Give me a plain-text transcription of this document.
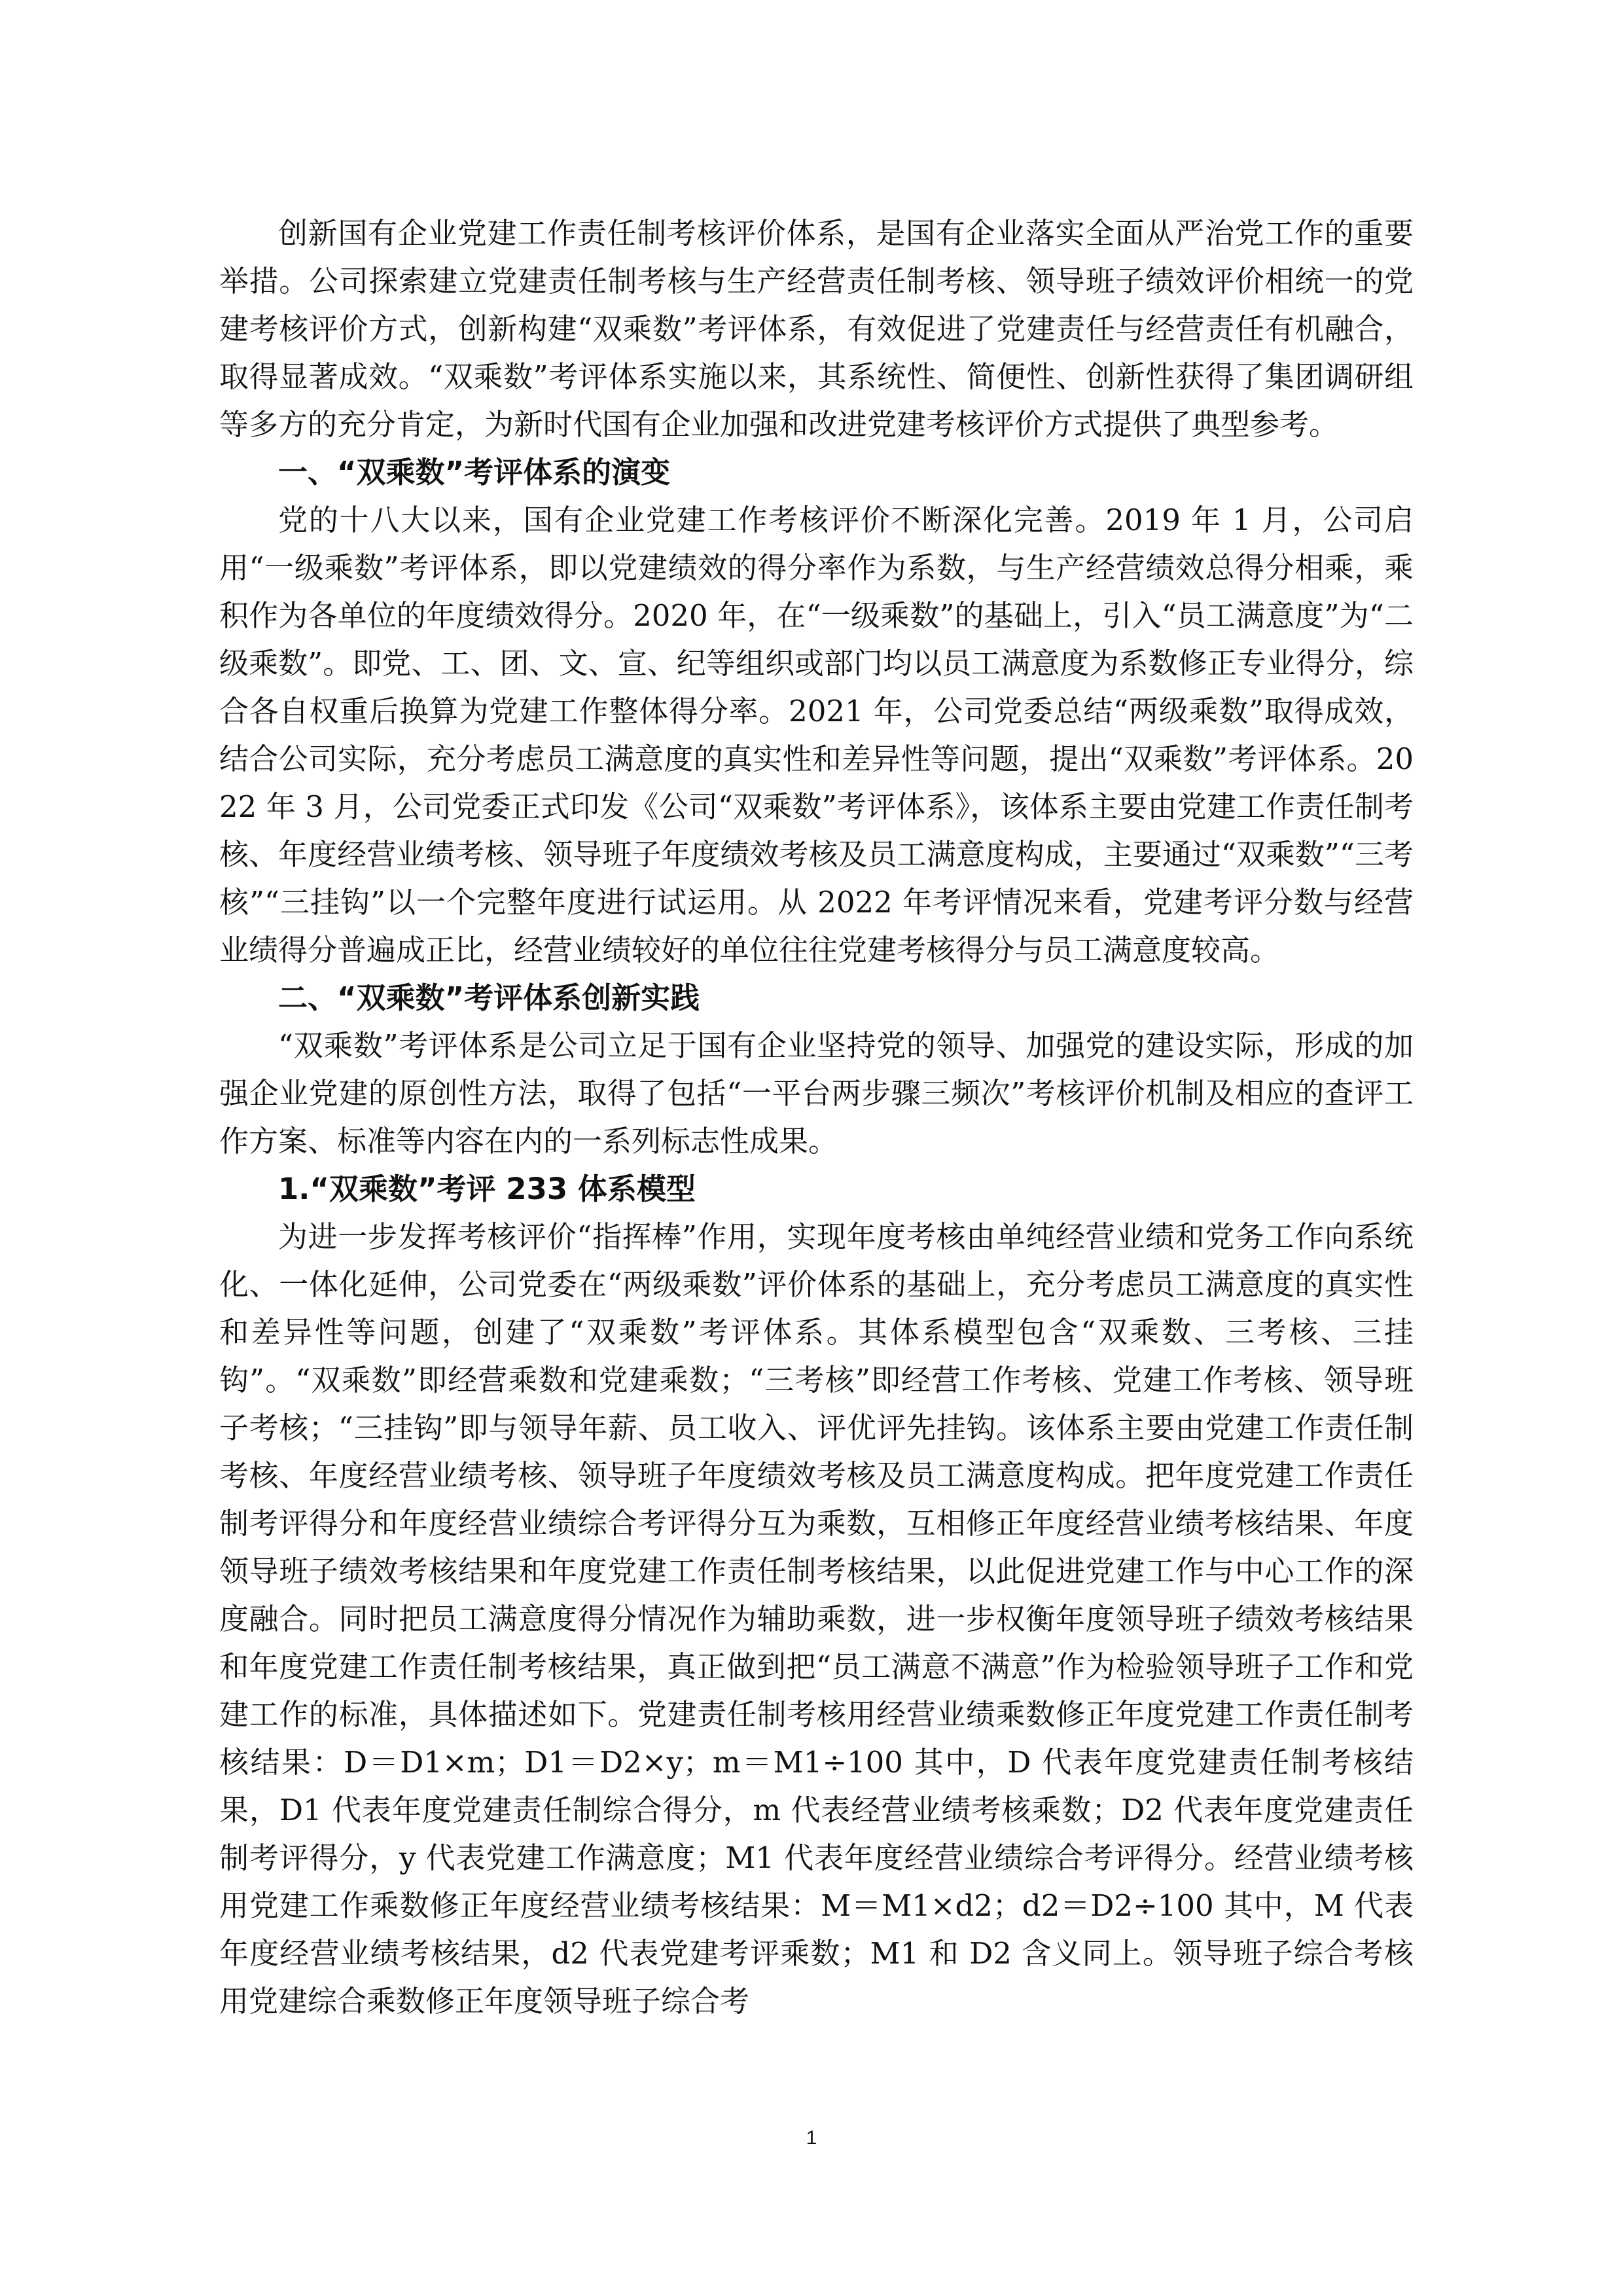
创新国有企业党建工作责任制考核评价体系，是国有企业落实全面从严治党工作的重要举措。公司探索建立党建责任制考核与生产经营责任制考核、领导班子绩效评价相统一的党建考核评价方式，创新构建“双乘数”考评体系，有效促进了党建责任与经营责任有机融合，取得显著成效。“双乘数”考评体系实施以来，其系统性、简便性、创新性获得了集团调研组等多方的充分肯定，为新时代国有企业加强和改进党建考核评价方式提供了典型参考。

一、“双乘数”考评体系的演变

党的十八大以来，国有企业党建工作考核评价不断深化完善。2019 年 1 月，公司启用“一级乘数”考评体系，即以党建绩效的得分率作为系数，与生产经营绩效总得分相乘，乘积作为各单位的年度绩效得分。2020 年，在“一级乘数”的基础上，引入“员工满意度”为“二级乘数”。即党、工、团、文、宣、纪等组织或部门均以员工满意度为系数修正专业得分，综合各自权重后换算为党建工作整体得分率。2021 年，公司党委总结“两级乘数”取得成效，结合公司实际，充分考虑员工满意度的真实性和差异性等问题，提出“双乘数”考评体系。2022 年 3 月，公司党委正式印发《公司“双乘数”考评体系》，该体系主要由党建工作责任制考核、年度经营业绩考核、领导班子年度绩效考核及员工满意度构成，主要通过“双乘数”“三考核”“三挂钩”以一个完整年度进行试运用。从 2022 年考评情况来看，党建考评分数与经营业绩得分普遍成正比，经营业绩较好的单位往往党建考核得分与员工满意度较高。

二、“双乘数”考评体系创新实践

“双乘数”考评体系是公司立足于国有企业坚持党的领导、加强党的建设实际，形成的加强企业党建的原创性方法，取得了包括“一平台两步骤三频次”考核评价机制及相应的查评工作方案、标准等内容在内的一系列标志性成果。

1.“双乘数”考评 233 体系模型

为进一步发挥考核评价“指挥棒”作用，实现年度考核由单纯经营业绩和党务工作向系统化、一体化延伸，公司党委在“两级乘数”评价体系的基础上，充分考虑员工满意度的真实性和差异性等问题，创建了“双乘数”考评体系。其体系模型包含“双乘数、三考核、三挂钩”。“双乘数”即经营乘数和党建乘数；“三考核”即经营工作考核、党建工作考核、领导班子考核；“三挂钩”即与领导年薪、员工收入、评优评先挂钩。该体系主要由党建工作责任制考核、年度经营业绩考核、领导班子年度绩效考核及员工满意度构成。把年度党建工作责任制考评得分和年度经营业绩综合考评得分互为乘数，互相修正年度经营业绩考核结果、年度领导班子绩效考核结果和年度党建工作责任制考核结果，以此促进党建工作与中心工作的深度融合。同时把员工满意度得分情况作为辅助乘数，进一步权衡年度领导班子绩效考核结果和年度党建工作责任制考核结果，真正做到把“员工满意不满意”作为检验领导班子工作和党建工作的标准，具体描述如下。党建责任制考核用经营业绩乘数修正年度党建工作责任制考核结果：D＝D1×m；D1＝D2×y；m＝M1÷100 其中，D 代表年度党建责任制考核结果，D1 代表年度党建责任制综合得分，m 代表经营业绩考核乘数；D2 代表年度党建责任制考评得分，y 代表党建工作满意度；M1 代表年度经营业绩综合考评得分。经营业绩考核用党建工作乘数修正年度经营业绩考核结果：M＝M1×d2；d2＝D2÷100 其中，M 代表年度经营业绩考核结果，d2 代表党建考评乘数；M1 和 D2 含义同上。领导班子综合考核用党建综合乘数修正年度领导班子综合考

1
